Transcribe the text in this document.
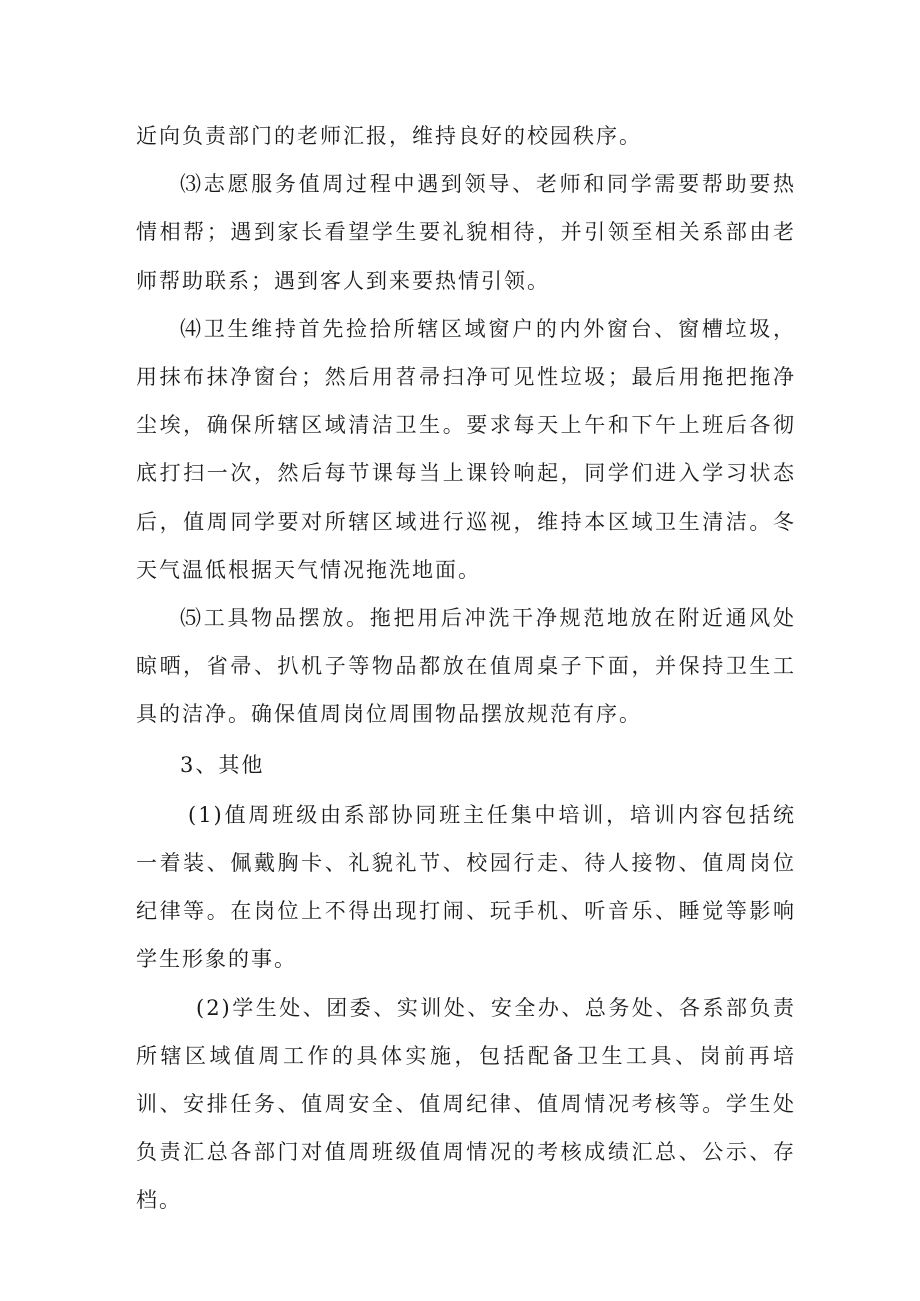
近向负责部门的老师汇报，维持良好的校园秩序。

⑶志愿服务值周过程中遇到领导、老师和同学需要帮助要热情相帮；遇到家长看望学生要礼貌相待，并引领至相关系部由老师帮助联系；遇到客人到来要热情引领。

⑷卫生维持首先捡拾所辖区域窗户的内外窗台、窗槽垃圾，用抹布抹净窗台；然后用苕帚扫净可见性垃圾；最后用拖把拖净尘埃，确保所辖区域清洁卫生。要求每天上午和下午上班后各彻底打扫一次，然后每节课每当上课铃响起，同学们进入学习状态后，值周同学要对所辖区域进行巡视，维持本区域卫生清洁。冬天气温低根据天气情况拖洗地面。

⑸工具物品摆放。拖把用后冲洗干净规范地放在附近通风处晾晒，省帚、扒机子等物品都放在值周桌子下面，并保持卫生工具的洁净。确保值周岗位周围物品摆放规范有序。

3、其他

(1)值周班级由系部协同班主任集中培训，培训内容包括统一着装、佩戴胸卡、礼貌礼节、校园行走、待人接物、值周岗位纪律等。在岗位上不得出现打闹、玩手机、听音乐、睡觉等影响学生形象的事。

(2)学生处、团委、实训处、安全办、总务处、各系部负责所辖区域值周工作的具体实施，包括配备卫生工具、岗前再培训、安排任务、值周安全、值周纪律、值周情况考核等。学生处负责汇总各部门对值周班级值周情况的考核成绩汇总、公示、存档。
